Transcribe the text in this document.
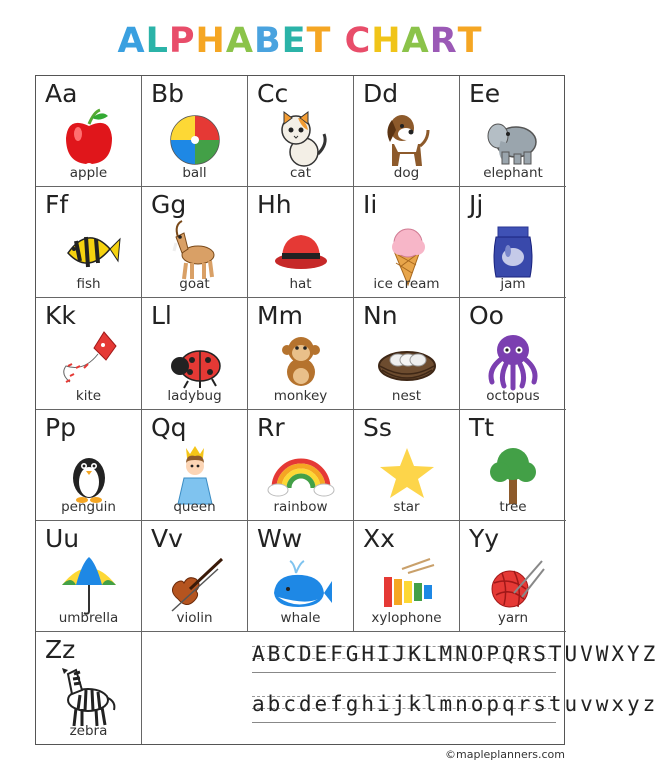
ALPHABET CHART
Zz
zebra
ABCDEFGHIJKLMNOPQRSTUVWXYZ
abcdefghijklmnopqrstuvwxyz
Aa
apple
Bb
ball
Cc
cat
Dd
dog
Ee
elephant
Ff
fish
Gg
goat
Hh
hat
Ii
ice cream
Jj
jam
Kk
kite
Ll
ladybug
Mm
monkey
Nn
nest
Oo
octopus
Pp
penguin
Qq
queen
Rr
rainbow
Ss
star
Tt
tree
Uu
umbrella
Vv
violin
Ww
whale
Xx
xylophone
Yy
yarn
©mapleplanners.com
